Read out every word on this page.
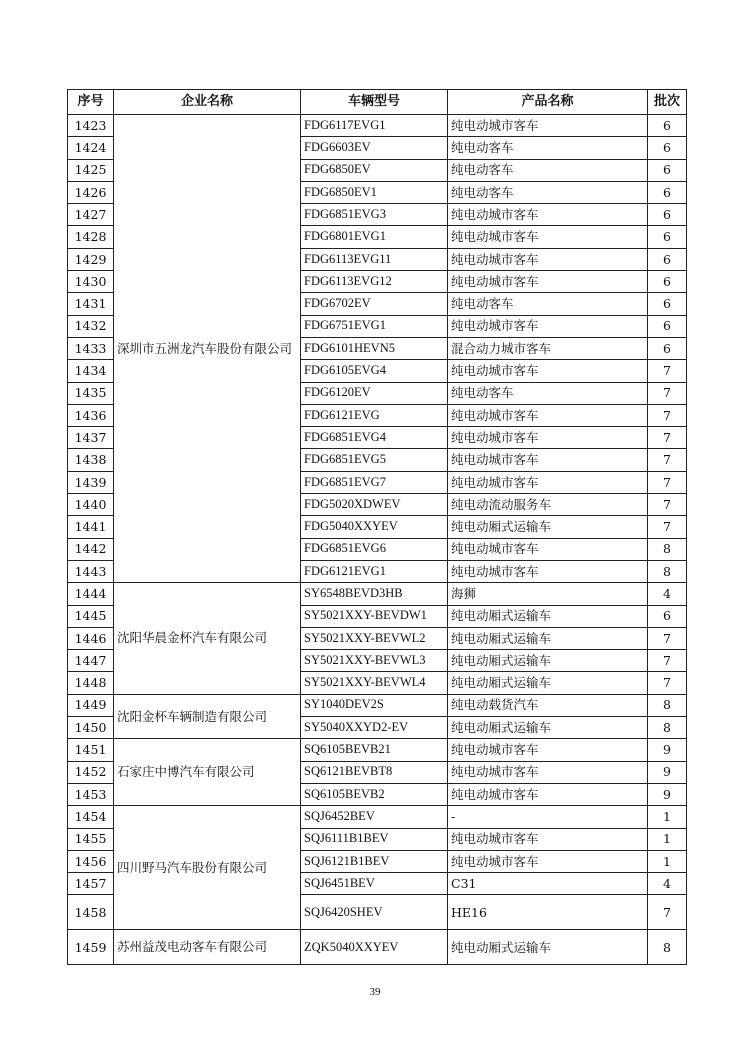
序号	企业名称	车辆型号	产品名称	批次
1423	深圳市五洲龙汽车股份有限公司	FDG6117EVG1	纯电动城市客车	6
1424		FDG6603EV	纯电动客车	6
1425		FDG6850EV	纯电动客车	6
1426		FDG6850EV1	纯电动客车	6
1427		FDG6851EVG3	纯电动城市客车	6
1428		FDG6801EVG1	纯电动城市客车	6
1429		FDG6113EVG11	纯电动城市客车	6
1430		FDG6113EVG12	纯电动城市客车	6
1431		FDG6702EV	纯电动客车	6
1432		FDG6751EVG1	纯电动城市客车	6
1433		FDG6101HEVN5	混合动力城市客车	6
1434		FDG6105EVG4	纯电动城市客车	7
1435		FDG6120EV	纯电动客车	7
1436		FDG6121EVG	纯电动城市客车	7
1437		FDG6851EVG4	纯电动城市客车	7
1438		FDG6851EVG5	纯电动城市客车	7
1439		FDG6851EVG7	纯电动城市客车	7
1440		FDG5020XDWEV	纯电动流动服务车	7
1441		FDG5040XXYEV	纯电动厢式运输车	7
1442		FDG6851EVG6	纯电动城市客车	8
1443		FDG6121EVG1	纯电动城市客车	8
1444	沈阳华晨金杯汽车有限公司	SY6548BEVD3HB	海狮	4
1445		SY5021XXY-BEVDW1	纯电动厢式运输车	6
1446		SY5021XXY-BEVWL2	纯电动厢式运输车	7
1447		SY5021XXY-BEVWL3	纯电动厢式运输车	7
1448		SY5021XXY-BEVWL4	纯电动厢式运输车	7
1449	沈阳金杯车辆制造有限公司	SY1040DEV2S	纯电动载货汽车	8
1450		SY5040XXYD2-EV	纯电动厢式运输车	8
1451	石家庄中博汽车有限公司	SQ6105BEVB21	纯电动城市客车	9
1452		SQ6121BEVBT8	纯电动城市客车	9
1453		SQ6105BEVB2	纯电动城市客车	9
1454	四川野马汽车股份有限公司	SQJ6452BEV	-	1
1455		SQJ6111B1BEV	纯电动城市客车	1
1456		SQJ6121B1BEV	纯电动城市客车	1
1457		SQJ6451BEV	C31	4
1458		SQJ6420SHEV	HE16	7
1459	苏州益茂电动客车有限公司	ZQK5040XXYEV	纯电动厢式运输车	8
39
